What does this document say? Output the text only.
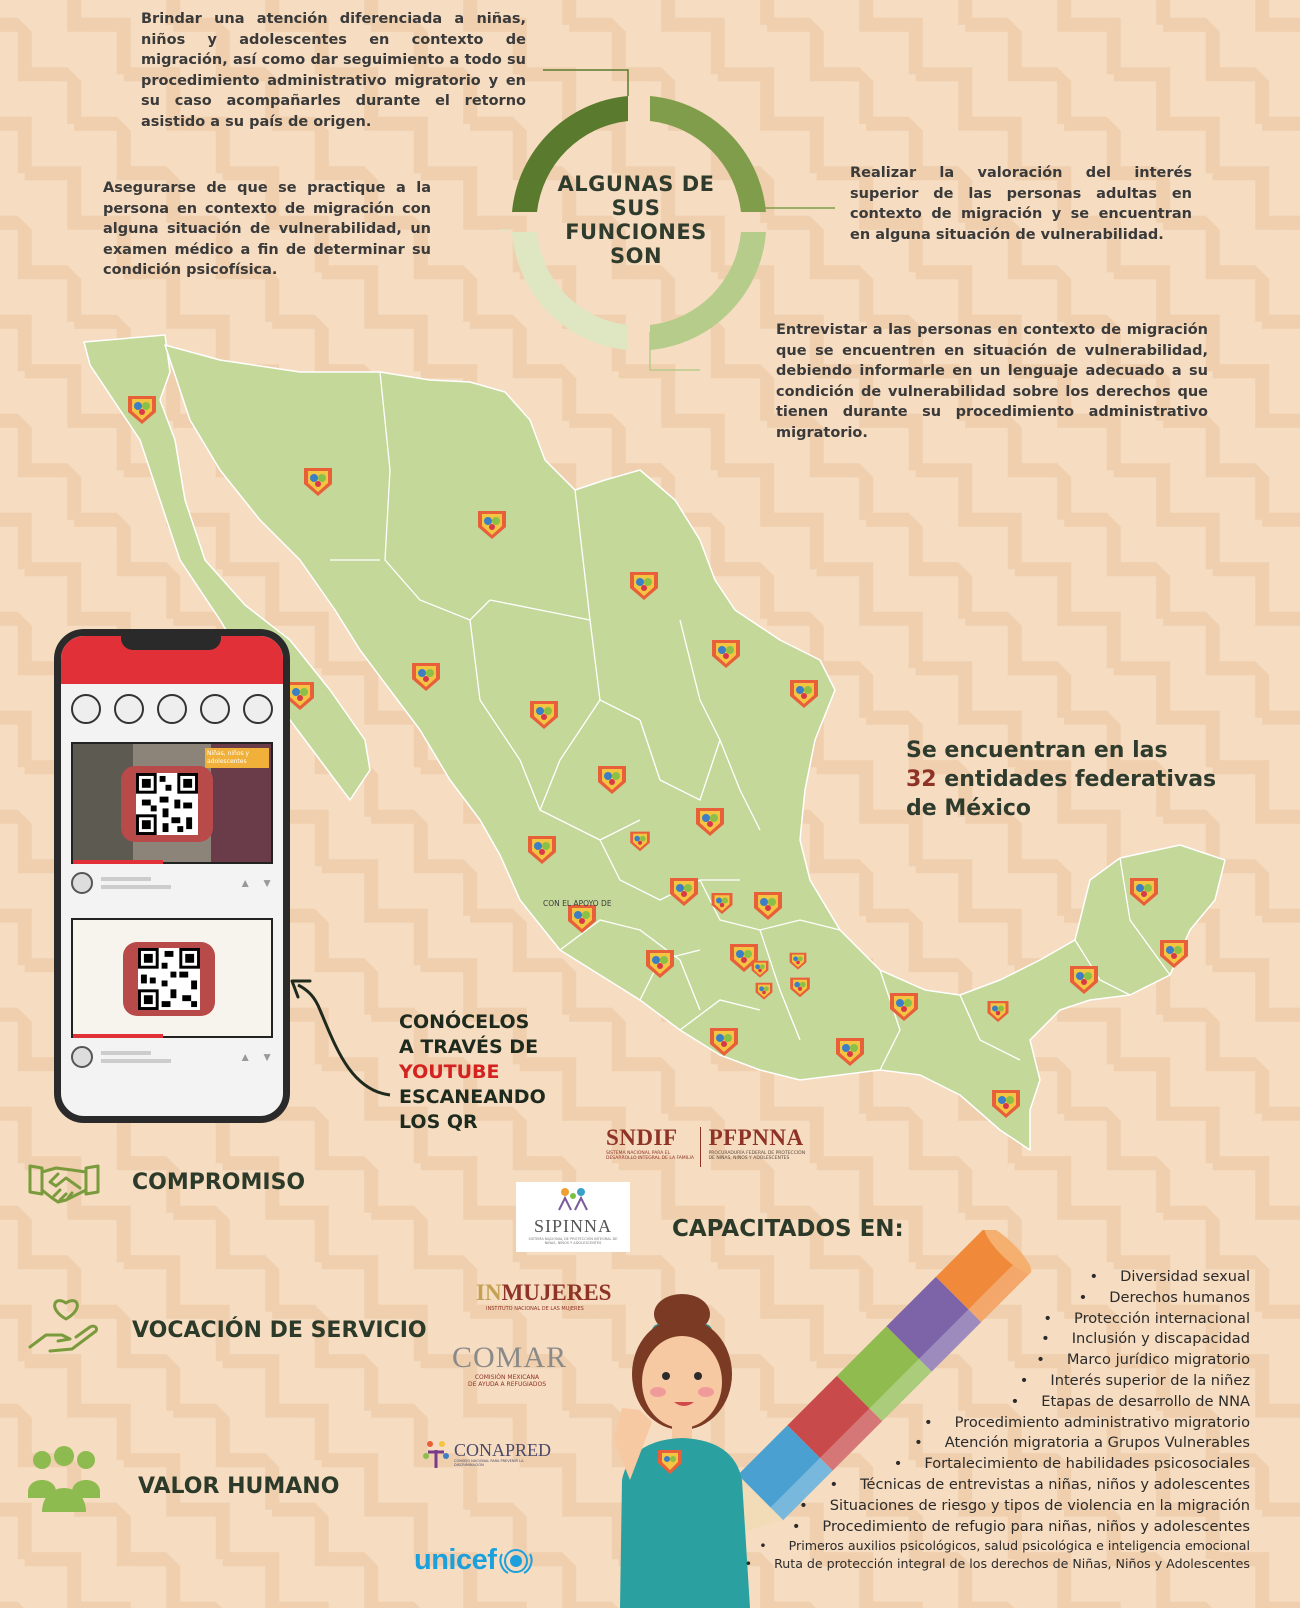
Brindar una atención diferenciada a niñas, niños y adolescentes en contexto de migración, así como dar seguimiento a todo su procedimiento administrativo migratorio y en su caso acompañarles durante el retorno asistido a su país de origen.
Asegurarse de que se practique a la persona en contexto de migración con alguna situación de vulnerabilidad, un examen médico a fin de determinar su condición psicofísica.
Realizar la valoración del interés superior de las personas adultas en contexto de migración y se encuentran en alguna situación de vulnerabilidad.
Entrevistar a las personas en contexto de migración que se encuentren en situación de vulnerabilidad, debiendo informarle en un lenguaje adecuado a su condición de vulnerabilidad sobre los derechos que tienen durante su procedimiento administrativo migratorio.
ALGUNAS DE SUS FUNCIONES SON
CON EL APOYO DE
Se encuentran en las
32 entidades federativas
de México
Niñas, niños y
adolescentes
▲ ▼
▲ ▼
CONÓCELOS
A TRAVÉS DE
YOUTUBE
ESCANEANDO
LOS QR
COMPROMISO
VOCACIÓN DE SERVICIO
VALOR HUMANO
SNDIF
SISTEMA NACIONAL PARA EL DESARROLLO INTEGRAL DE LA FAMILIA
PFPNNA
PROCURADURÍA FEDERAL DE PROTECCIÓN DE NIÑAS, NIÑOS Y ADOLESCENTES
SIPINNA
SISTEMA NACIONAL DE PROTECCIÓN INTEGRAL DE NIÑAS, NIÑOS Y ADOLESCENTES
INMUJERES
INSTITUTO NACIONAL DE LAS MUJERES
COMAR
COMISIÓN MEXICANA
DE AYUDA A REFUGIADOS
CONAPRED
CONSEJO NACIONAL PARA PREVENIR LA DISCRIMINACIÓN
unicef
CAPACITADOS EN:
• Diversidad sexual
• Derechos humanos
• Protección internacional
• Inclusión y discapacidad
• Marco jurídico migratorio
• Interés superior de la niñez
• Etapas de desarrollo de NNA
• Procedimiento administrativo migratorio
• Atención migratoria a Grupos Vulnerables
• Fortalecimiento de habilidades psicosociales
• Técnicas de entrevistas a niñas, niños y adolescentes
• Situaciones de riesgo y tipos de violencia en la migración
• Procedimiento de refugio para niñas, niños y adolescentes
• Primeros auxilios psicológicos, salud psicológica e inteligencia emocional
• Ruta de protección integral de los derechos de Niñas, Niños y Adolescentes
